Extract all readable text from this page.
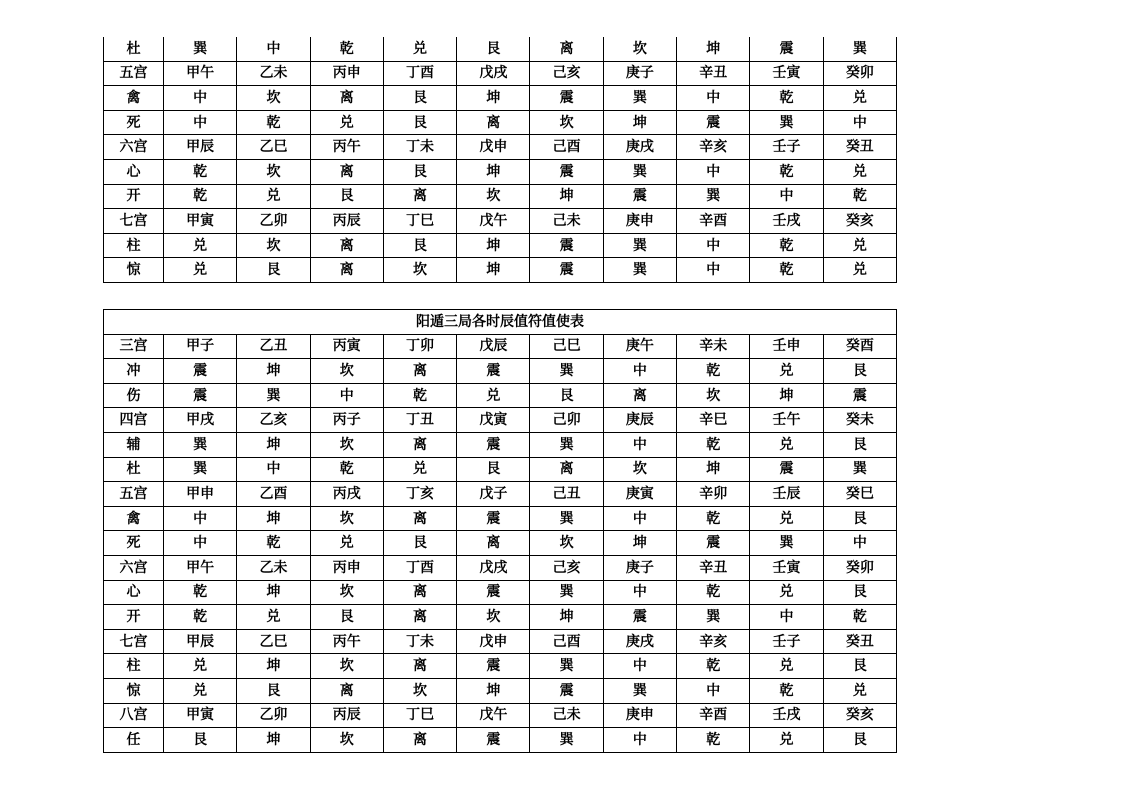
杜	巽	中	乾	兑	艮	离	坎	坤	震	巽
五宫	甲午	乙未	丙申	丁酉	戊戌	己亥	庚子	辛丑	壬寅	癸卯
禽	中	坎	离	艮	坤	震	巽	中	乾	兑
死	中	乾	兑	艮	离	坎	坤	震	巽	中
六宫	甲辰	乙巳	丙午	丁未	戊申	己酉	庚戌	辛亥	壬子	癸丑
心	乾	坎	离	艮	坤	震	巽	中	乾	兑
开	乾	兑	艮	离	坎	坤	震	巽	中	乾
七宫	甲寅	乙卯	丙辰	丁巳	戊午	己未	庚申	辛酉	壬戌	癸亥
柱	兑	坎	离	艮	坤	震	巽	中	乾	兑
惊	兑	艮	离	坎	坤	震	巽	中	乾	兑
阳遁三局各时辰值符值使表										
三宫	甲子	乙丑	丙寅	丁卯	戊辰	己巳	庚午	辛未	壬申	癸酉
冲	震	坤	坎	离	震	巽	中	乾	兑	艮
伤	震	巽	中	乾	兑	艮	离	坎	坤	震
四宫	甲戌	乙亥	丙子	丁丑	戊寅	己卯	庚辰	辛巳	壬午	癸未
辅	巽	坤	坎	离	震	巽	中	乾	兑	艮
杜	巽	中	乾	兑	艮	离	坎	坤	震	巽
五宫	甲申	乙酉	丙戌	丁亥	戊子	己丑	庚寅	辛卯	壬辰	癸巳
禽	中	坤	坎	离	震	巽	中	乾	兑	艮
死	中	乾	兑	艮	离	坎	坤	震	巽	中
六宫	甲午	乙未	丙申	丁酉	戊戌	己亥	庚子	辛丑	壬寅	癸卯
心	乾	坤	坎	离	震	巽	中	乾	兑	艮
开	乾	兑	艮	离	坎	坤	震	巽	中	乾
七宫	甲辰	乙巳	丙午	丁未	戊申	己酉	庚戌	辛亥	壬子	癸丑
柱	兑	坤	坎	离	震	巽	中	乾	兑	艮
惊	兑	艮	离	坎	坤	震	巽	中	乾	兑
八宫	甲寅	乙卯	丙辰	丁巳	戊午	己未	庚申	辛酉	壬戌	癸亥
任	艮	坤	坎	离	震	巽	中	乾	兑	艮
